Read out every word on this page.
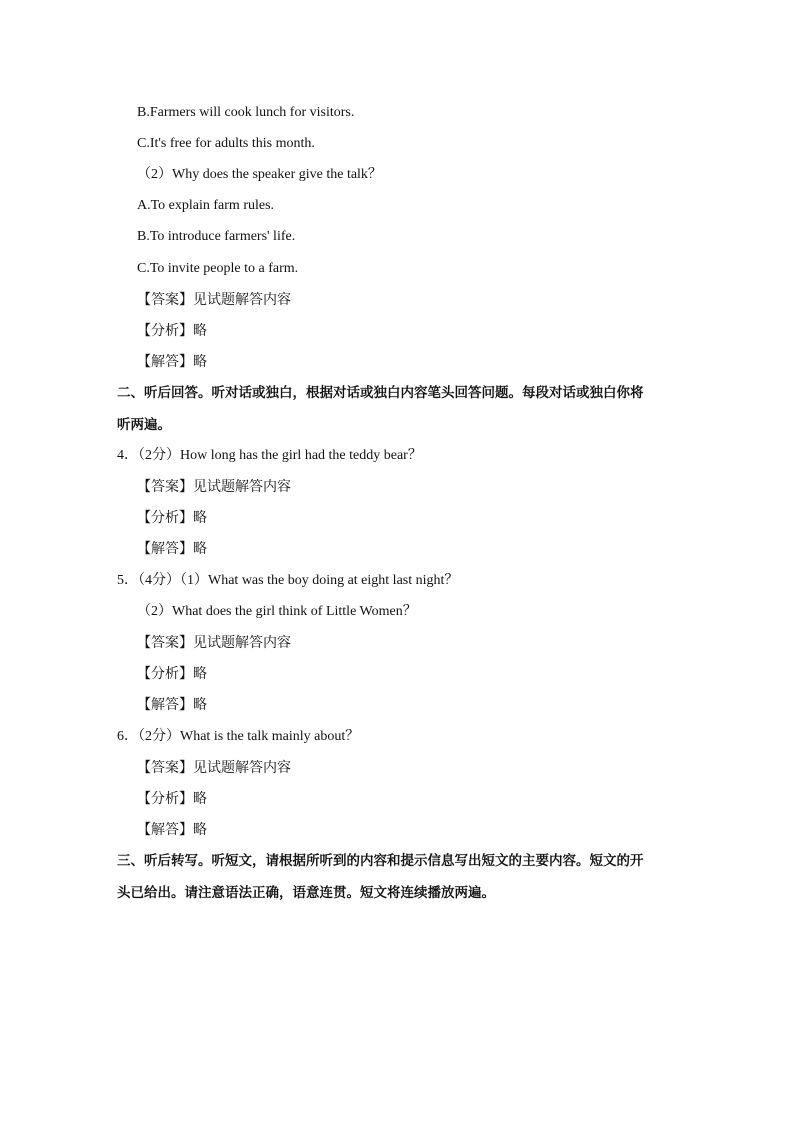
B.Farmers will cook lunch for visitors.
C.It's free for adults this month.
（2）Why does the speaker give the talk？
A.To explain farm rules.
B.To introduce farmers' life.
C.To invite people to a farm.
【答案】见试题解答内容
【分析】略
【解答】略
二、听后回答。听对话或独白，根据对话或独白内容笔头回答问题。每段对话或独白你将
听两遍。
4．（2分）How long has the girl had the teddy bear？
【答案】见试题解答内容
【分析】略
【解答】略
5．（4分）（1）What was the boy doing at eight last night？
（2）What does the girl think of Little Women？
【答案】见试题解答内容
【分析】略
【解答】略
6．（2分）What is the talk mainly about？
【答案】见试题解答内容
【分析】略
【解答】略
三、听后转写。听短文，请根据所听到的内容和提示信息写出短文的主要内容。短文的开
头已给出。请注意语法正确，语意连贯。短文将连续播放两遍。
